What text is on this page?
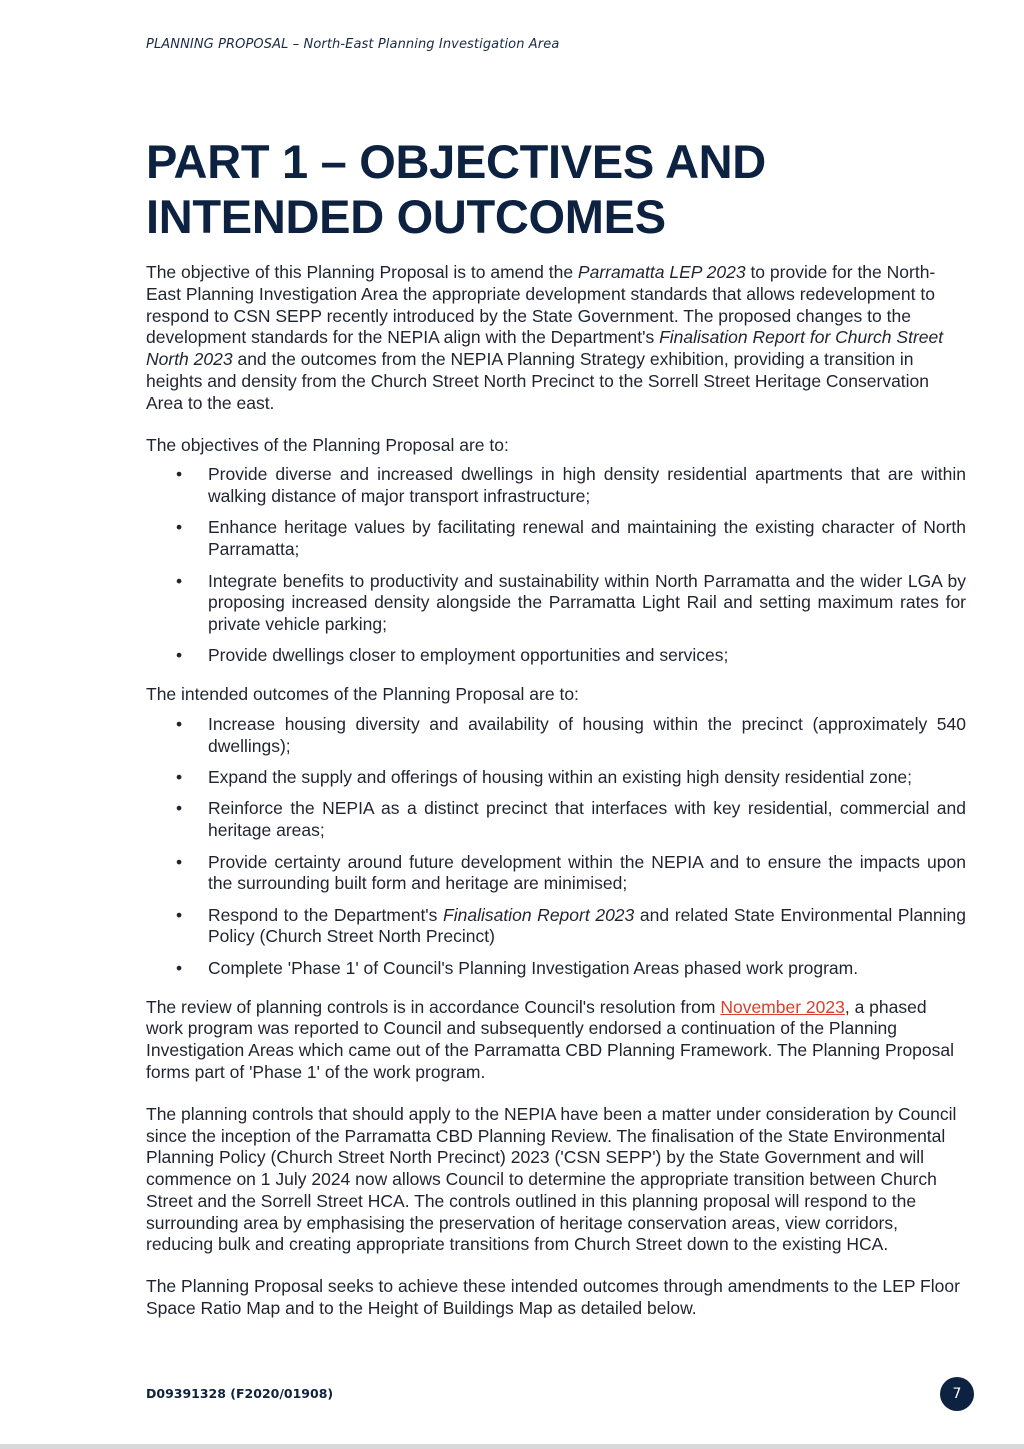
PLANNING PROPOSAL – North-East Planning Investigation Area
PART 1 – OBJECTIVES AND
INTENDED OUTCOMES

The objective of this Planning Proposal is to amend the Parramatta LEP 2023 to provide for the North-East Planning Investigation Area the appropriate development standards that allows redevelopment to respond to CSN SEPP recently introduced by the State Government. The proposed changes to the development standards for the NEPIA align with the Department's Finalisation Report for Church Street North 2023 and the outcomes from the NEPIA Planning Strategy exhibition, providing a transition in heights and density from the Church Street North Precinct to the Sorrell Street Heritage Conservation Area to the east.

The objectives of the Planning Proposal are to:

• Provide diverse and increased dwellings in high density residential apartments that are within walking distance of major transport infrastructure;
• Enhance heritage values by facilitating renewal and maintaining the existing character of North Parramatta;
• Integrate benefits to productivity and sustainability within North Parramatta and the wider LGA by proposing increased density alongside the Parramatta Light Rail and setting maximum rates for private vehicle parking;
• Provide dwellings closer to employment opportunities and services;

The intended outcomes of the Planning Proposal are to:

• Increase housing diversity and availability of housing within the precinct (approximately 540 dwellings);
• Expand the supply and offerings of housing within an existing high density residential zone;
• Reinforce the NEPIA as a distinct precinct that interfaces with key residential, commercial and heritage areas;
• Provide certainty around future development within the NEPIA and to ensure the impacts upon the surrounding built form and heritage are minimised;
• Respond to the Department's Finalisation Report 2023 and related State Environmental Planning Policy (Church Street North Precinct)
• Complete 'Phase 1' of Council's Planning Investigation Areas phased work program.

The review of planning controls is in accordance Council's resolution from November 2023, a phased work program was reported to Council and subsequently endorsed a continuation of the Planning Investigation Areas which came out of the Parramatta CBD Planning Framework. The Planning Proposal forms part of 'Phase 1' of the work program.

The planning controls that should apply to the NEPIA have been a matter under consideration by Council since the inception of the Parramatta CBD Planning Review. The finalisation of the State Environmental Planning Policy (Church Street North Precinct) 2023 ('CSN SEPP') by the State Government and will commence on 1 July 2024 now allows Council to determine the appropriate transition between Church Street and the Sorrell Street HCA. The controls outlined in this planning proposal will respond to the surrounding area by emphasising the preservation of heritage conservation areas, view corridors, reducing bulk and creating appropriate transitions from Church Street down to the existing HCA.

The Planning Proposal seeks to achieve these intended outcomes through amendments to the LEP Floor Space Ratio Map and to the Height of Buildings Map as detailed below.

D09391328 (F2020/01908)	7
